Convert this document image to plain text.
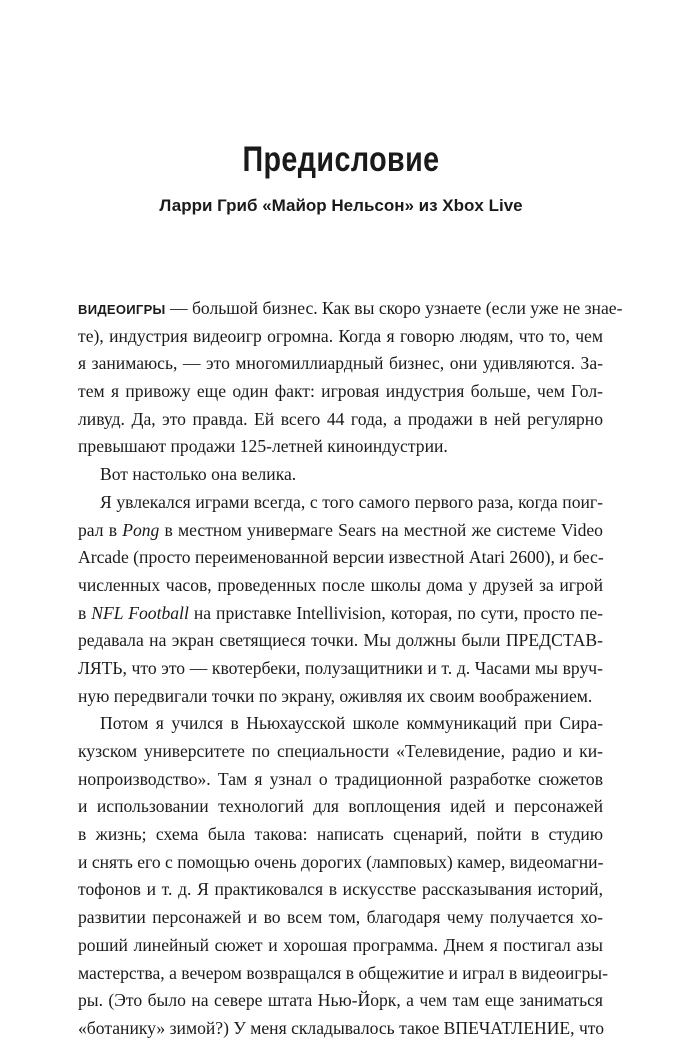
Предисловие

Ларри Гриб «Майор Нельсон» из Xbox Live

ВИДЕОИГРЫ — большой бизнес. Как вы скоро узнаете (если уже не знае-
те), индустрия видеоигр огромна. Когда я говорю людям, что то, чем
я занимаюсь, — это многомиллиардный бизнес, они удивляются. За-
тем я привожу еще один факт: игровая индустрия больше, чем Гол-
ливуд. Да, это правда. Ей всего 44 года, а продажи в ней регулярно
превышают продажи 125-летней киноиндустрии.
Вот настолько она велика.
Я увлекался играми всегда, с того самого первого раза, когда поиг-
рал в Pong в местном универмаге Sears на местной же системе Video
Arcade (просто переименованной версии известной Atari 2600), и бес-
численных часов, проведенных после школы дома у друзей за игрой
в NFL Football на приставке Intellivision, которая, по сути, просто пе-
редавала на экран светящиеся точки. Мы должны были ПРЕДСТАВ-
ЛЯТЬ, что это — квотербеки, полузащитники и т. д. Часами мы вруч-
ную передвигали точки по экрану, оживляя их своим воображением.
Потом я учился в Ньюхаусской школе коммуникаций при Сира-
кузском университете по специальности «Телевидение, радио и ки-
нопроизводство». Там я узнал о традиционной разработке сюжетов
и использовании технологий для воплощения идей и персонажей
в жизнь; схема была такова: написать сценарий, пойти в студию
и снять его с помощью очень дорогих (ламповых) камер, видеомагни-
тофонов и т. д. Я практиковался в искусстве рассказывания историй,
развитии персонажей и во всем том, благодаря чему получается хо-
роший линейный сюжет и хорошая программа. Днем я постигал азы
мастерства, а вечером возвращался в общежитие и играл в видеоигры-
ры. (Это было на севере штата Нью-Йорк, а чем там еще заниматься
«ботанику» зимой?) У меня складывалось такое ВПЕЧАТЛЕНИЕ, что
